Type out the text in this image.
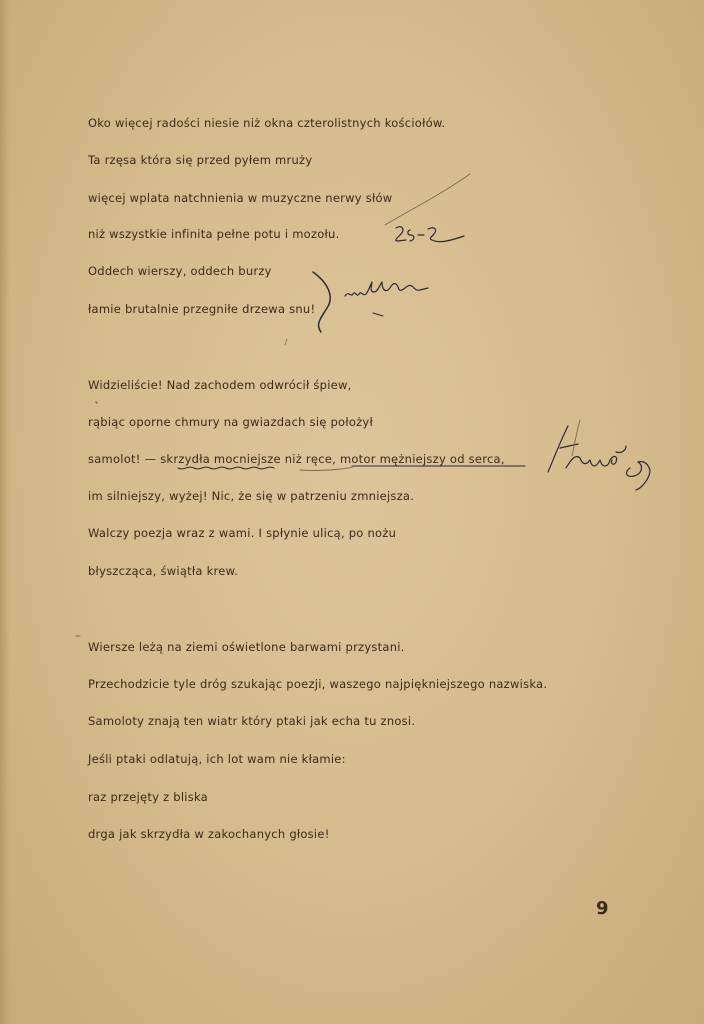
Oko więcej radości niesie niż okna czterolistnych kościołów.
Ta rzęsa która się przed pyłem mruży
więcej wplata natchnienia w muzyczne nerwy słów
niż wszystkie infinita pełne potu i mozołu.
Oddech wierszy, oddech burzy
łamie brutalnie przegniłe drzewa snu!
Widzieliście! Nad zachodem odwrócił śpiew,
rąbiąc oporne chmury na gwiazdach się położył
samolot! — skrzydła mocniejsze niż ręce, motor mężniejszy od serca,
im silniejszy, wyżej! Nic, że się w patrzeniu zmniejsza.
Walczy poezja wraz z wami. I spłynie ulicą, po nożu
błyszcząca, świątła krew.
Wiersze leżą na ziemi oświetlone barwami przystani.
Przechodzicie tyle dróg szukając poezji, waszego najpiękniejszego nazwiska.
Samoloty znają ten wiatr który ptaki jak echa tu znosi.
Jeśli ptaki odlatują, ich lot wam nie kłamie:
raz przejęty z bliska
drga jak skrzydła w zakochanych głosie!
9
